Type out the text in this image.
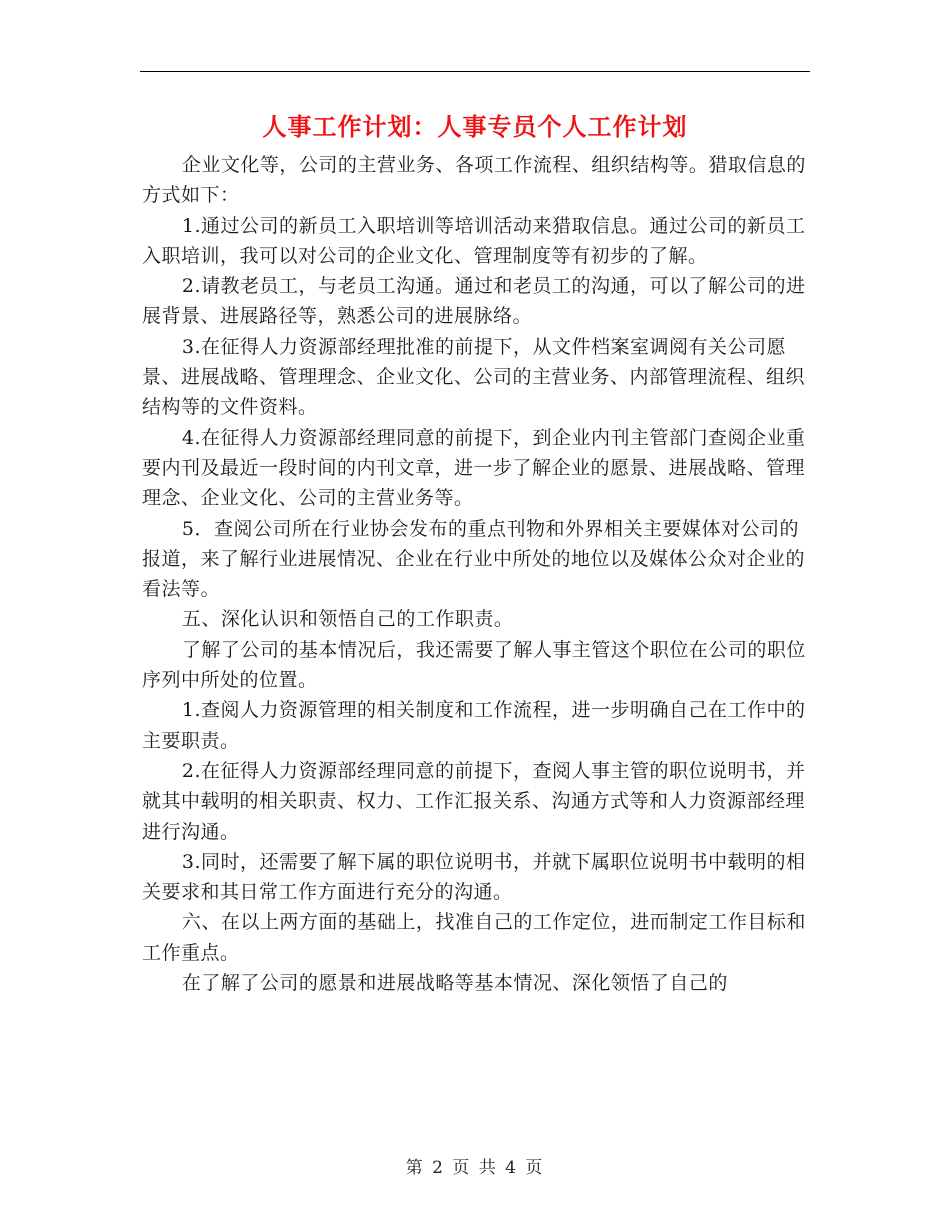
人事工作计划：人事专员个人工作计划

企业文化等，公司的主营业务、各项工作流程、组织结构等。猎取信息的方式如下：

1.通过公司的新员工入职培训等培训活动来猎取信息。通过公司的新员工入职培训，我可以对公司的企业文化、管理制度等有初步的了解。

2.请教老员工，与老员工沟通。通过和老员工的沟通，可以了解公司的进展背景、进展路径等，熟悉公司的进展脉络。

3.在征得人力资源部经理批准的前提下，从文件档案室调阅有关公司愿景、进展战略、管理理念、企业文化、公司的主营业务、内部管理流程、组织结构等的文件资料。

4.在征得人力资源部经理同意的前提下，到企业内刊主管部门查阅企业重要内刊及最近一段时间的内刊文章，进一步了解企业的愿景、进展战略、管理理念、企业文化、公司的主营业务等。

5．查阅公司所在行业协会发布的重点刊物和外界相关主要媒体对公司的报道，来了解行业进展情况、企业在行业中所处的地位以及媒体公众对企业的看法等。

五、深化认识和领悟自己的工作职责。

了解了公司的基本情况后，我还需要了解人事主管这个职位在公司的职位序列中所处的位置。

1.查阅人力资源管理的相关制度和工作流程，进一步明确自己在工作中的主要职责。

2.在征得人力资源部经理同意的前提下，查阅人事主管的职位说明书，并就其中载明的相关职责、权力、工作汇报关系、沟通方式等和人力资源部经理进行沟通。

3.同时，还需要了解下属的职位说明书，并就下属职位说明书中载明的相关要求和其日常工作方面进行充分的沟通。

六、在以上两方面的基础上，找准自己的工作定位，进而制定工作目标和工作重点。

在了解了公司的愿景和进展战略等基本情况、深化领悟了自己的

第 2 页 共 4 页
